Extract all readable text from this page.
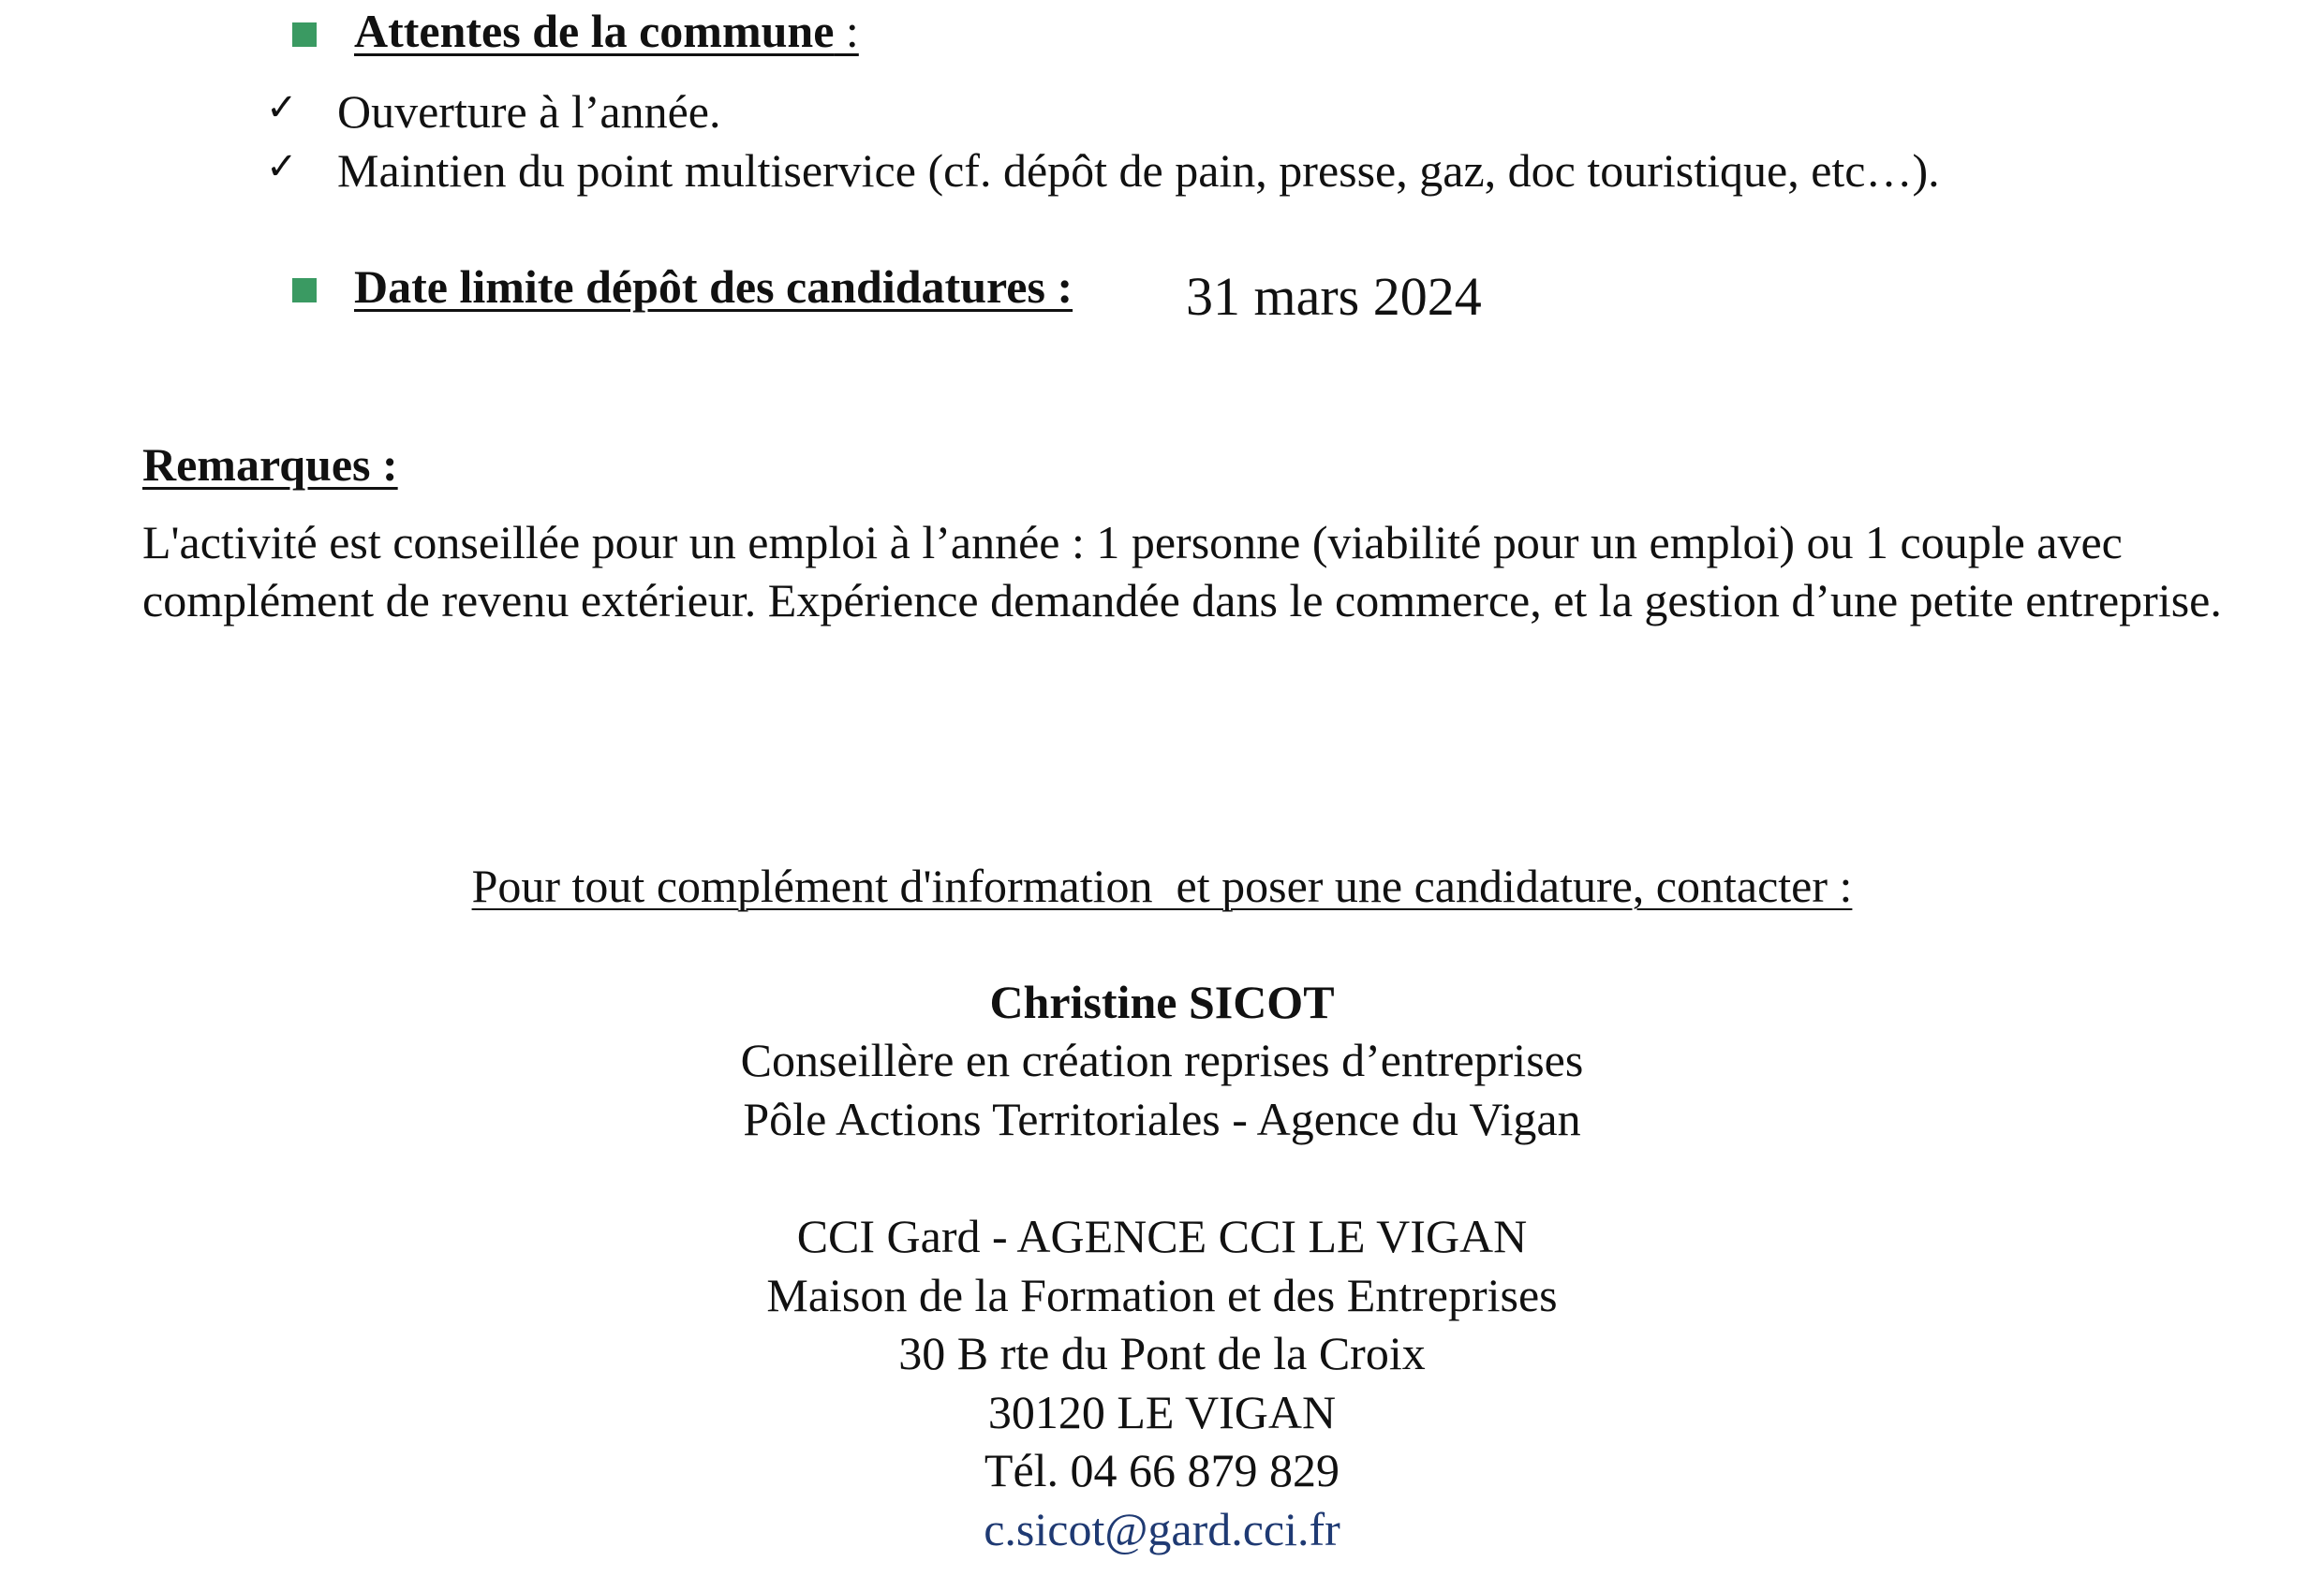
Attentes de la commune :
✓ Ouverture à l’année.
✓ Maintien du point multiservice (cf. dépôt de pain, presse, gaz, doc touristique, etc…).
Date limite dépôt des candidatures : 31 mars 2024
Remarques :
L'activité est conseillée pour un emploi à l’année : 1 personne (viabilité pour un emploi) ou 1 couple avec complément de revenu extérieur. Expérience demandée dans le commerce, et la gestion d’une petite entreprise.
Pour tout complément d'information  et poser une candidature, contacter :
Christine SICOT
Conseillère en création reprises d’entreprises
Pôle Actions Territoriales - Agence du Vigan
CCI Gard - AGENCE CCI LE VIGAN
Maison de la Formation et des Entreprises
30 B rte du Pont de la Croix
30120 LE VIGAN
Tél. 04 66 879 829
c.sicot@gard.cci.fr
